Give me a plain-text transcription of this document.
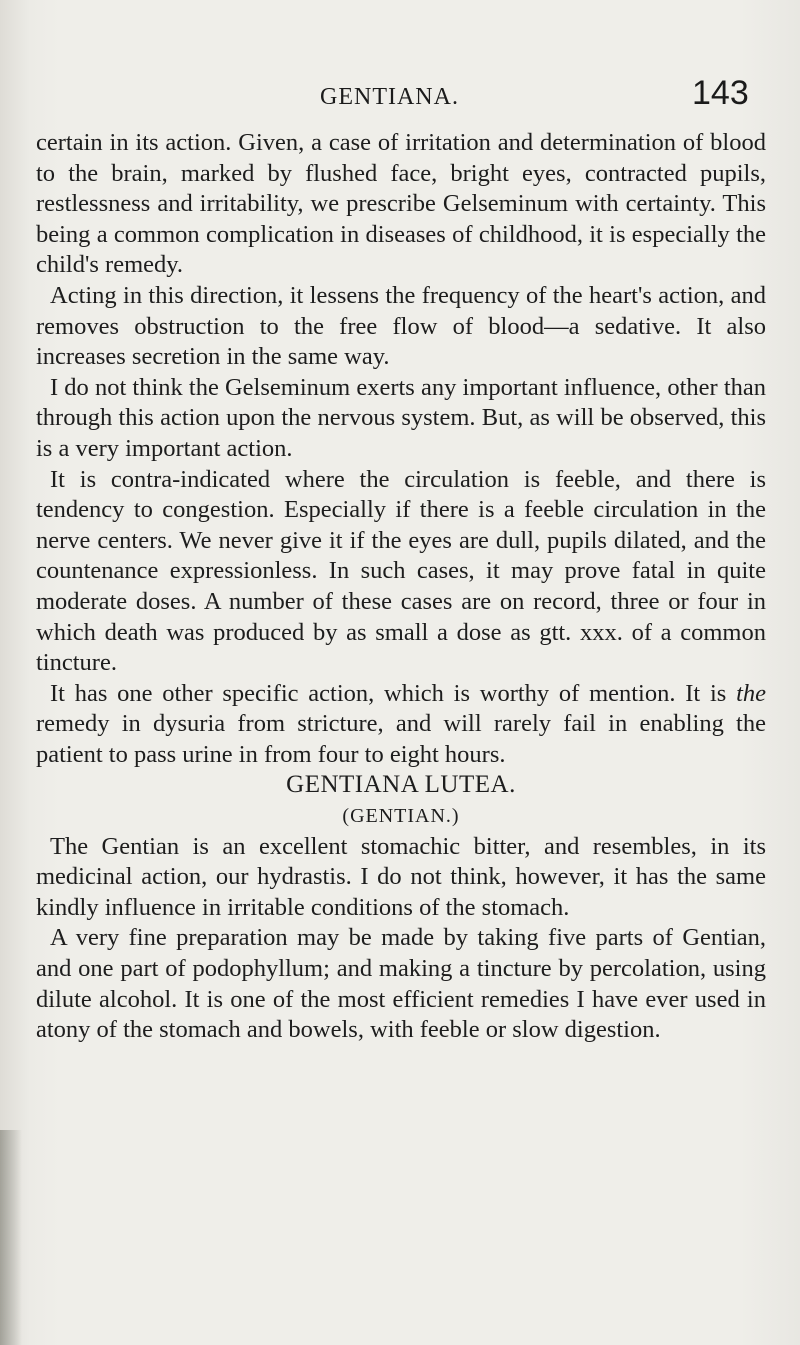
GENTIANA.	143

certain in its action. Given, a case of irritation and determination of blood to the brain, marked by flushed face, bright eyes, contracted pupils, restlessness and irritability, we prescribe Gelseminum with certainty. This being a common complication in diseases of childhood, it is especially the child's remedy.

Acting in this direction, it lessens the frequency of the heart's action, and removes obstruction to the free flow of blood—a sedative. It also increases secretion in the same way.

I do not think the Gelseminum exerts any important influence, other than through this action upon the nervous system. But, as will be observed, this is a very important action.

It is contra-indicated where the circulation is feeble, and there is tendency to congestion. Especially if there is a feeble circulation in the nerve centers. We never give it if the eyes are dull, pupils dilated, and the countenance expressionless. In such cases, it may prove fatal in quite moderate doses. A number of these cases are on record, three or four in which death was produced by as small a dose as gtt. xxx. of a common tincture.

It has one other specific action, which is worthy of mention. It is the remedy in dysuria from stricture, and will rarely fail in enabling the patient to pass urine in from four to eight hours.

GENTIANA LUTEA.
(GENTIAN.)

The Gentian is an excellent stomachic bitter, and resembles, in its medicinal action, our hydrastis. I do not think, however, it has the same kindly influence in irritable conditions of the stomach.

A very fine preparation may be made by taking five parts of Gentian, and one part of podophyllum; and making a tincture by percolation, using dilute alcohol. It is one of the most efficient remedies I have ever used in atony of the stomach and bowels, with feeble or slow digestion.
